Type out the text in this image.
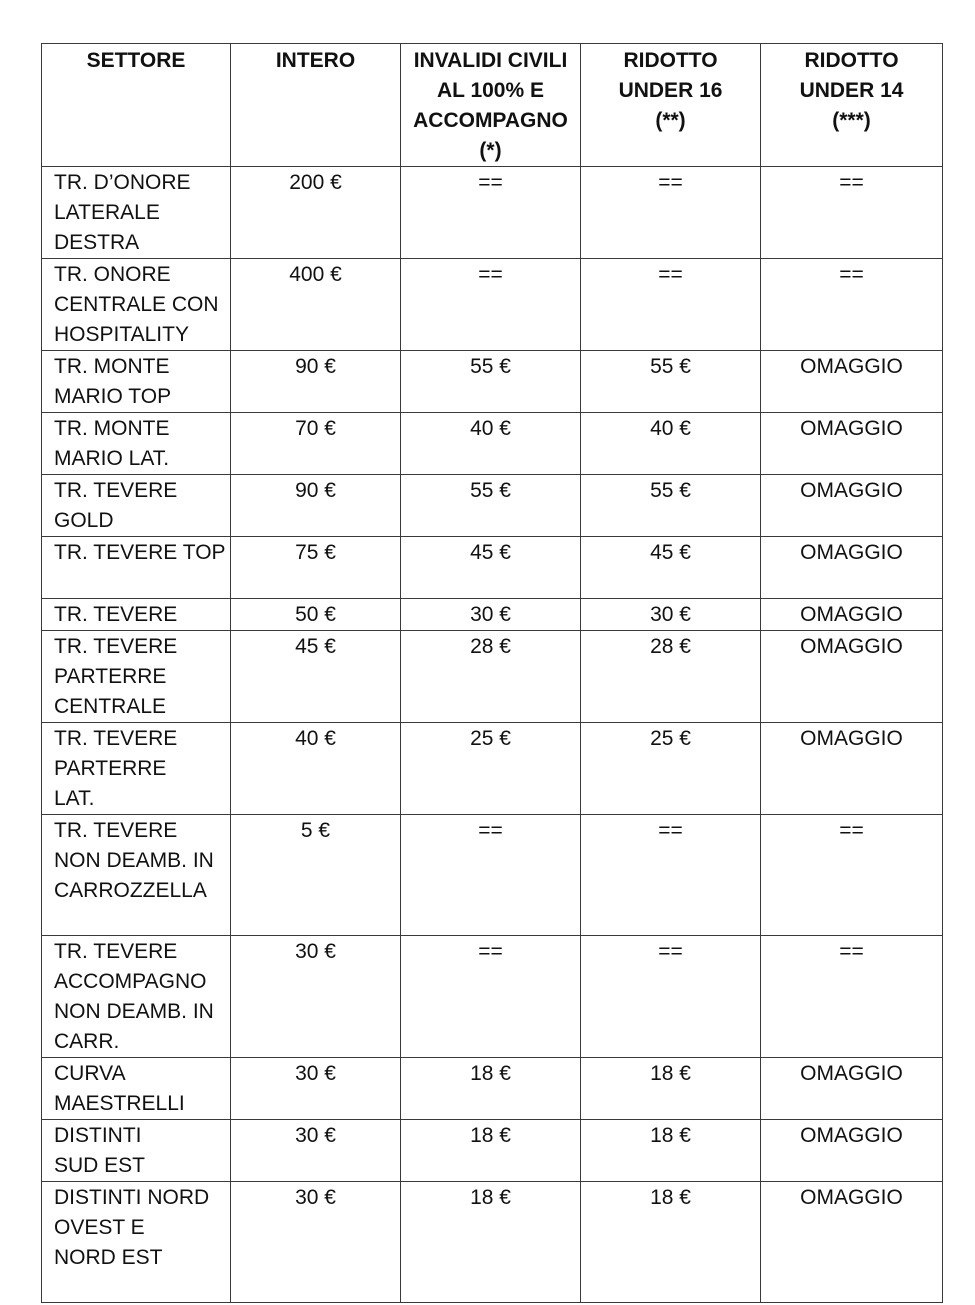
SETTORE	INTERO	INVALIDI CIVILI AL 100% E ACCOMPAGNO (*)	RIDOTTO UNDER 16 (**)	RIDOTTO UNDER 14 (***)
TR. D’ONORE LATERALE DESTRA	200 €	==	==	==
TR. ONORE CENTRALE CON HOSPITALITY	400 €	==	==	==
TR. MONTE MARIO TOP	90 €	55 €	55 €	OMAGGIO
TR. MONTE MARIO LAT.	70 €	40 €	40 €	OMAGGIO
TR. TEVERE GOLD	90 €	55 €	55 €	OMAGGIO
TR. TEVERE TOP	75 €	45 €	45 €	OMAGGIO
TR. TEVERE	50 €	30 €	30 €	OMAGGIO
TR. TEVERE PARTERRE CENTRALE	45 €	28 €	28 €	OMAGGIO
TR. TEVERE PARTERRE LAT.	40 €	25 €	25 €	OMAGGIO
TR. TEVERE NON DEAMB. IN CARROZZELLA	5 €	==	==	==
TR. TEVERE ACCOMPAGNO NON DEAMB. IN CARR.	30 €	==	==	==
CURVA MAESTRELLI	30 €	18 €	18 €	OMAGGIO
DISTINTI SUD EST	30 €	18 €	18 €	OMAGGIO
DISTINTI NORD OVEST E NORD EST	30 €	18 €	18 €	OMAGGIO
